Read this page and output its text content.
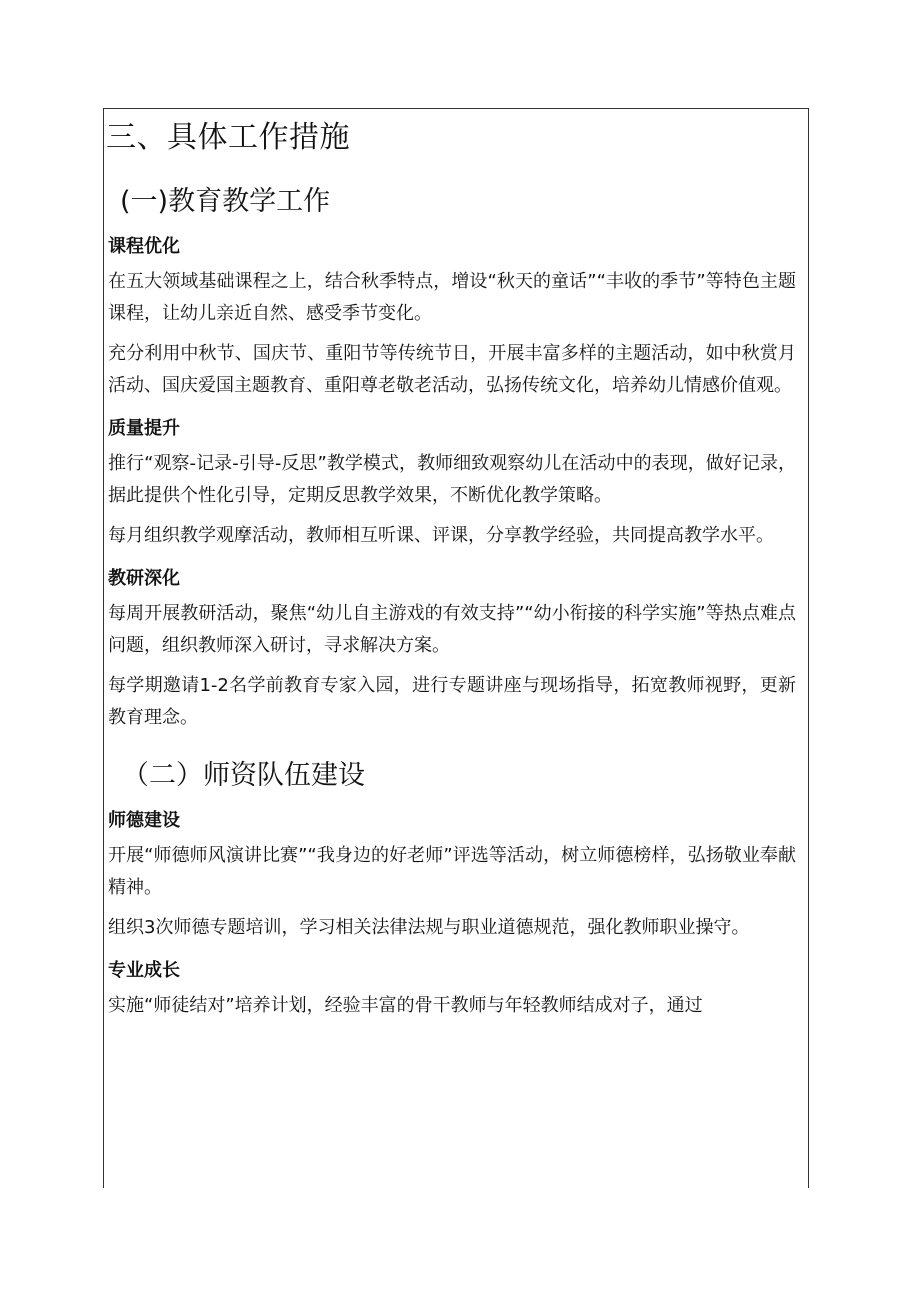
三、具体工作措施
(一)教育教学工作
课程优化
在五大领域基础课程之上，结合秋季特点，增设“秋天的童话”“丰收的季节”等特色主题课程，让幼儿亲近自然、感受季节变化。
充分利用中秋节、国庆节、重阳节等传统节日，开展丰富多样的主题活动，如中秋赏月活动、国庆爱国主题教育、重阳尊老敬老活动，弘扬传统文化，培养幼儿情感价值观。
质量提升
推行“观察-记录-引导-反思”教学模式，教师细致观察幼儿在活动中的表现，做好记录，据此提供个性化引导，定期反思教学效果，不断优化教学策略。
每月组织教学观摩活动，教师相互听课、评课，分享教学经验，共同提高教学水平。
教研深化
每周开展教研活动，聚焦“幼儿自主游戏的有效支持”“幼小衔接的科学实施”等热点难点问题，组织教师深入研讨，寻求解决方案。
每学期邀请1-2名学前教育专家入园，进行专题讲座与现场指导，拓宽教师视野，更新教育理念。
（二）师资队伍建设
师德建设
开展“师德师风演讲比赛”“我身边的好老师”评选等活动，树立师德榜样，弘扬敬业奉献精神。
组织3次师德专题培训，学习相关法律法规与职业道德规范，强化教师职业操守。
专业成长
实施“师徒结对”培养计划，经验丰富的骨干教师与年轻教师结成对子，通过
